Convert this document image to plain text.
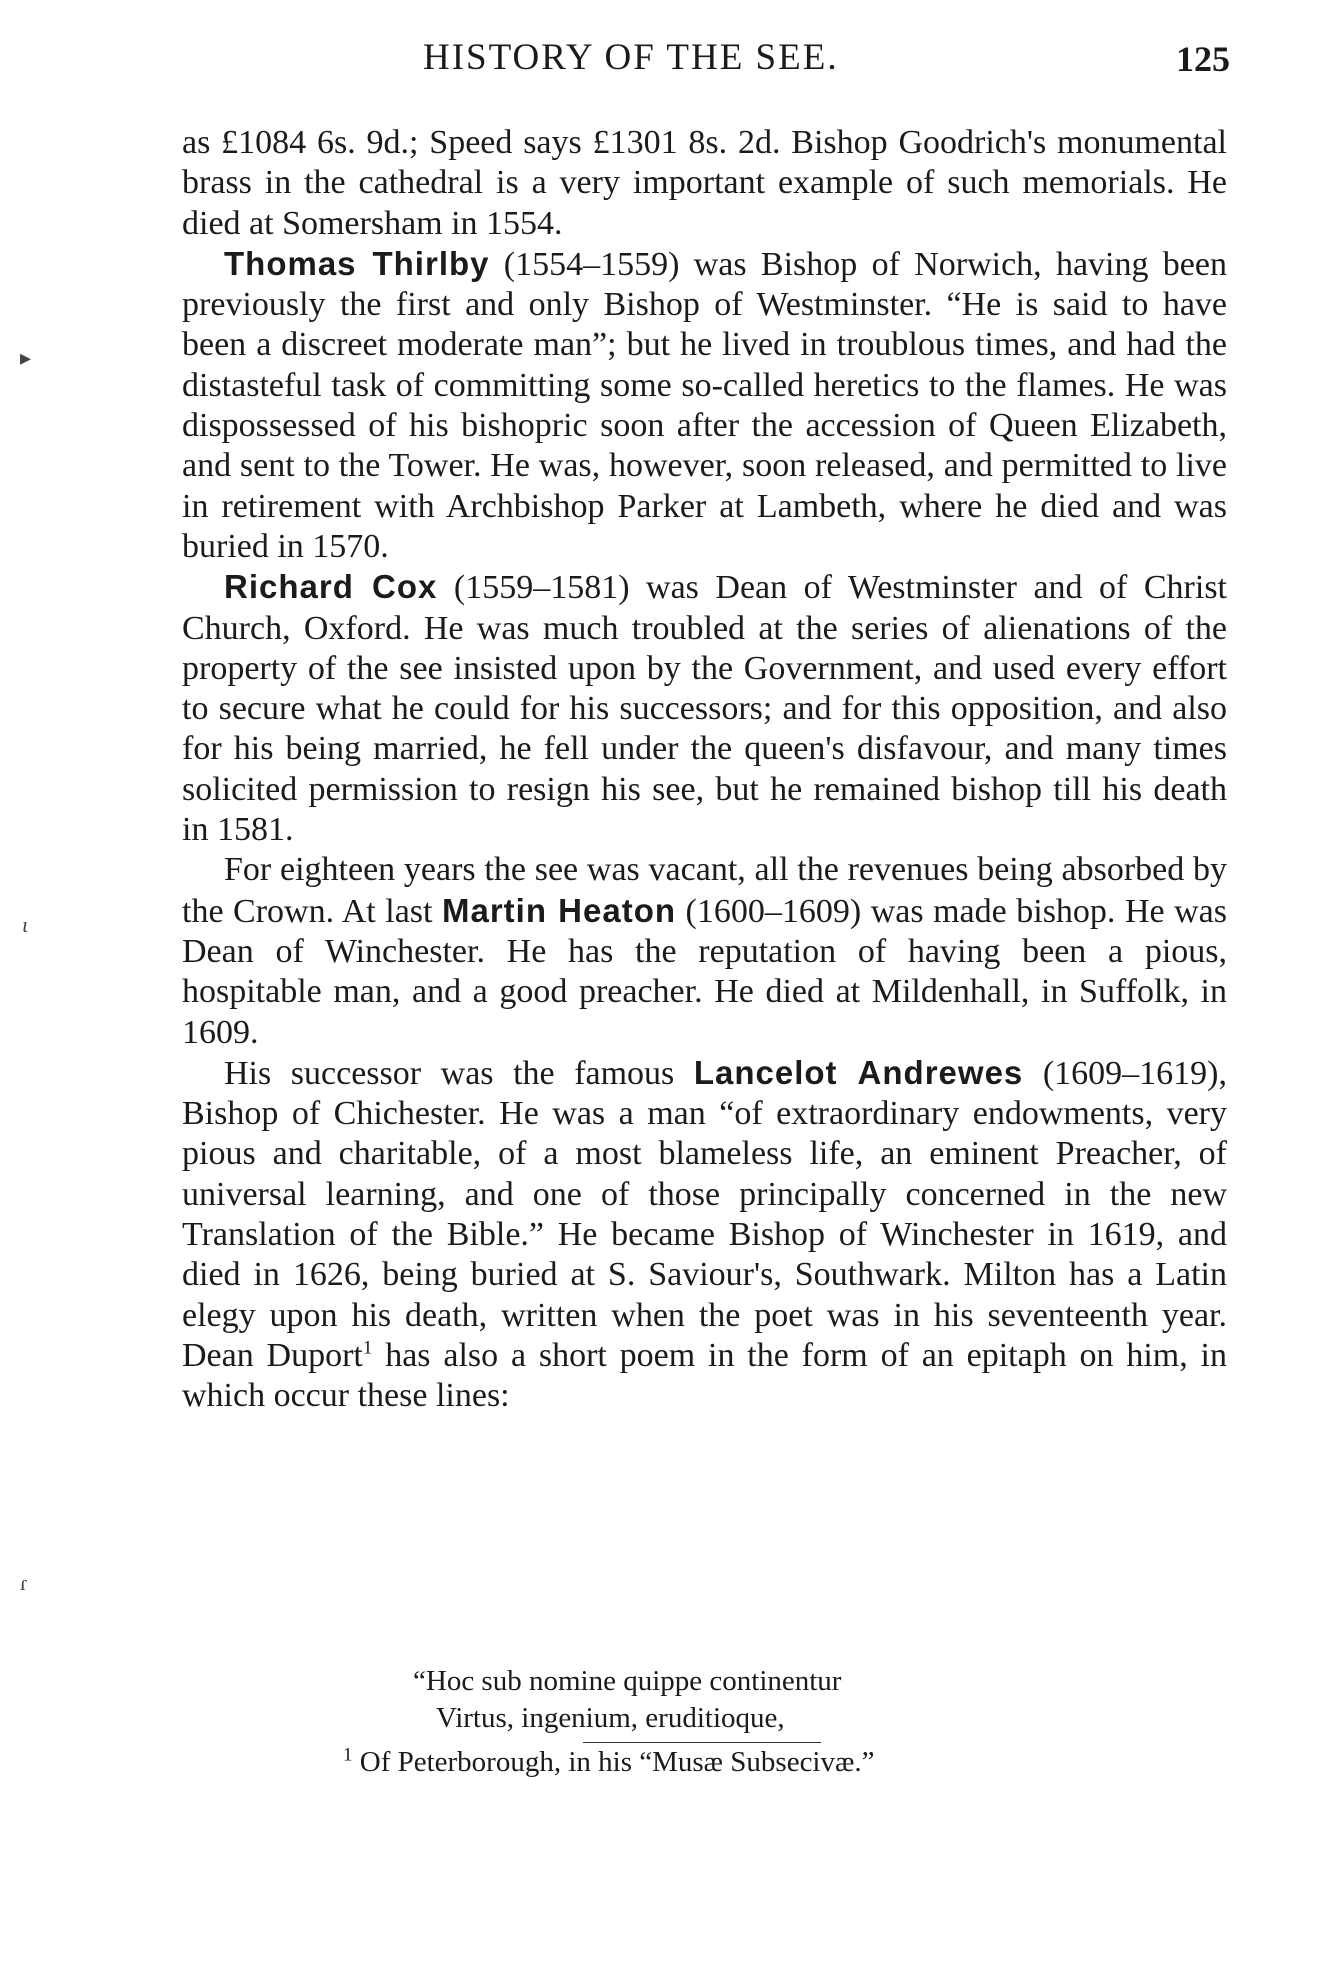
HISTORY OF THE SEE.	125

as £1084 6s. 9d.; Speed says £1301 8s. 2d. Bishop Goodrich's monumental brass in the cathedral is a very important example of such memorials. He died at Somersham in 1554.

Thomas Thirlby (1554–1559) was Bishop of Norwich, having been previously the first and only Bishop of Westminster. “He is said to have been a discreet moderate man”; but he lived in troublous times, and had the distasteful task of committing some so-called heretics to the flames. He was dispossessed of his bishopric soon after the accession of Queen Elizabeth, and sent to the Tower. He was, however, soon released, and permitted to live in retirement with Archbishop Parker at Lambeth, where he died and was buried in 1570.

Richard Cox (1559–1581) was Dean of Westminster and of Christ Church, Oxford. He was much troubled at the series of alienations of the property of the see insisted upon by the Government, and used every effort to secure what he could for his successors; and for this opposition, and also for his being married, he fell under the queen's disfavour, and many times solicited permission to resign his see, but he remained bishop till his death in 1581.

For eighteen years the see was vacant, all the revenues being absorbed by the Crown. At last Martin Heaton (1600–1609) was made bishop. He was Dean of Winchester. He has the reputation of having been a pious, hospitable man, and a good preacher. He died at Mildenhall, in Suffolk, in 1609.

His successor was the famous Lancelot Andrewes (1609–1619), Bishop of Chichester. He was a man “of extraordinary endowments, very pious and charitable, of a most blameless life, an eminent Preacher, of universal learning, and one of those principally concerned in the new Translation of the Bible.” He became Bishop of Winchester in 1619, and died in 1626, being buried at S. Saviour's, Southwark. Milton has a Latin elegy upon his death, written when the poet was in his seventeenth year. Dean Duport$^1$ has also a short poem in the form of an epitaph on him, in which occur these lines:

“Hoc sub nomine quippe continentur
Virtus, ingenium, eruditioque,
$^1$ Of Peterborough, in his “Musæ Subsecivæ.”
▸
ɩ
ɾ
